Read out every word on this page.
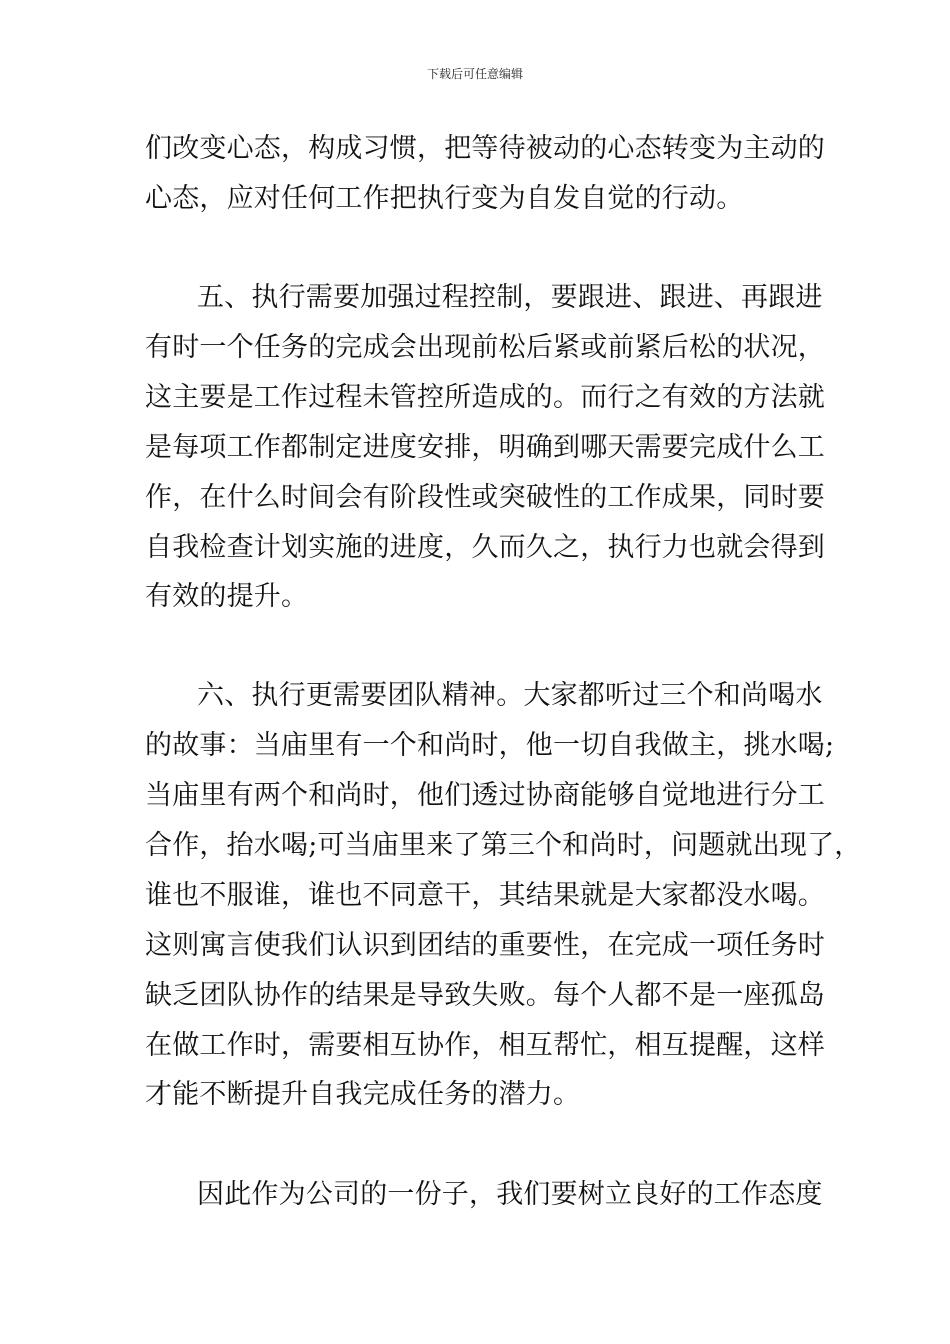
下载后可任意编辑
们改变心态，构成习惯，把等待被动的心态转变为主动的
心态，应对任何工作把执行变为自发自觉的行动。
五、执行需要加强过程控制，要跟进、跟进、再跟进
有时一个任务的完成会出现前松后紧或前紧后松的状况，
这主要是工作过程未管控所造成的。而行之有效的方法就
是每项工作都制定进度安排，明确到哪天需要完成什么工
作，在什么时间会有阶段性或突破性的工作成果，同时要
自我检查计划实施的进度，久而久之，执行力也就会得到
有效的提升。
六、执行更需要团队精神。大家都听过三个和尚喝水
的故事：当庙里有一个和尚时，他一切自我做主，挑水喝;
当庙里有两个和尚时，他们透过协商能够自觉地进行分工
合作，抬水喝;可当庙里来了第三个和尚时，问题就出现了，
谁也不服谁，谁也不同意干，其结果就是大家都没水喝。
这则寓言使我们认识到团结的重要性，在完成一项任务时
缺乏团队协作的结果是导致失败。每个人都不是一座孤岛
在做工作时，需要相互协作，相互帮忙，相互提醒，这样
才能不断提升自我完成任务的潜力。
因此作为公司的一份子，我们要树立良好的工作态度
